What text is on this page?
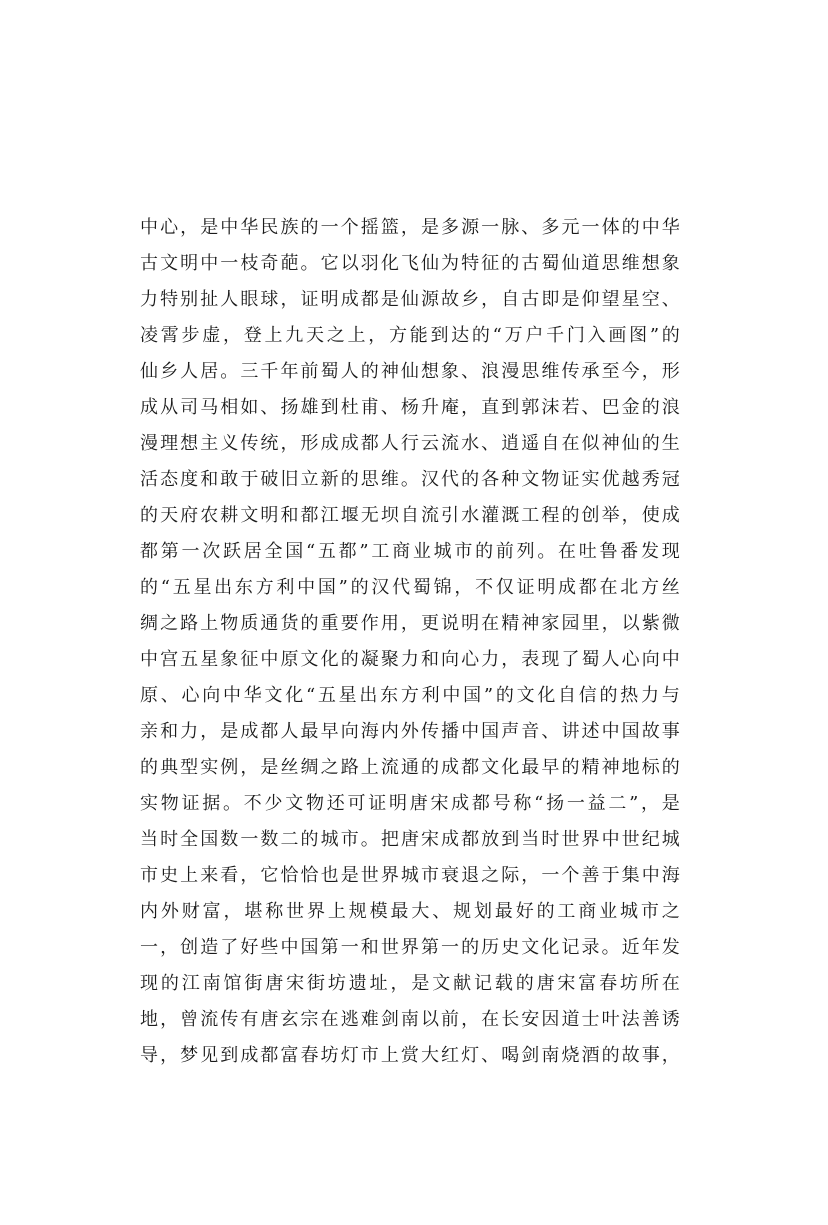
中心，是中华民族的一个摇篮，是多源一脉、多元一体的中华
古文明中一枝奇葩。它以羽化飞仙为特征的古蜀仙道思维想象
力特别扯人眼球，证明成都是仙源故乡，自古即是仰望星空、
凌霄步虚，登上九天之上，方能到达的“万户千门入画图”的
仙乡人居。三千年前蜀人的神仙想象、浪漫思维传承至今，形
成从司马相如、扬雄到杜甫、杨升庵，直到郭沫若、巴金的浪
漫理想主义传统，形成成都人行云流水、逍遥自在似神仙的生
活态度和敢于破旧立新的思维。汉代的各种文物证实优越秀冠
的天府农耕文明和都江堰无坝自流引水灌溉工程的创举，使成
都第一次跃居全国“五都”工商业城市的前列。在吐鲁番发现
的“五星出东方利中国”的汉代蜀锦，不仅证明成都在北方丝
绸之路上物质通货的重要作用，更说明在精神家园里，以紫微
中宫五星象征中原文化的凝聚力和向心力，表现了蜀人心向中
原、心向中华文化“五星出东方利中国”的文化自信的热力与
亲和力，是成都人最早向海内外传播中国声音、讲述中国故事
的典型实例，是丝绸之路上流通的成都文化最早的精神地标的
实物证据。不少文物还可证明唐宋成都号称“扬一益二”，是
当时全国数一数二的城市。把唐宋成都放到当时世界中世纪城
市史上来看，它恰恰也是世界城市衰退之际，一个善于集中海
内外财富，堪称世界上规模最大、规划最好的工商业城市之
一，创造了好些中国第一和世界第一的历史文化记录。近年发
现的江南馆街唐宋街坊遗址，是文献记载的唐宋富春坊所在
地，曾流传有唐玄宗在逃难剑南以前，在长安因道士叶法善诱
导，梦见到成都富春坊灯市上赏大红灯、喝剑南烧酒的故事，
